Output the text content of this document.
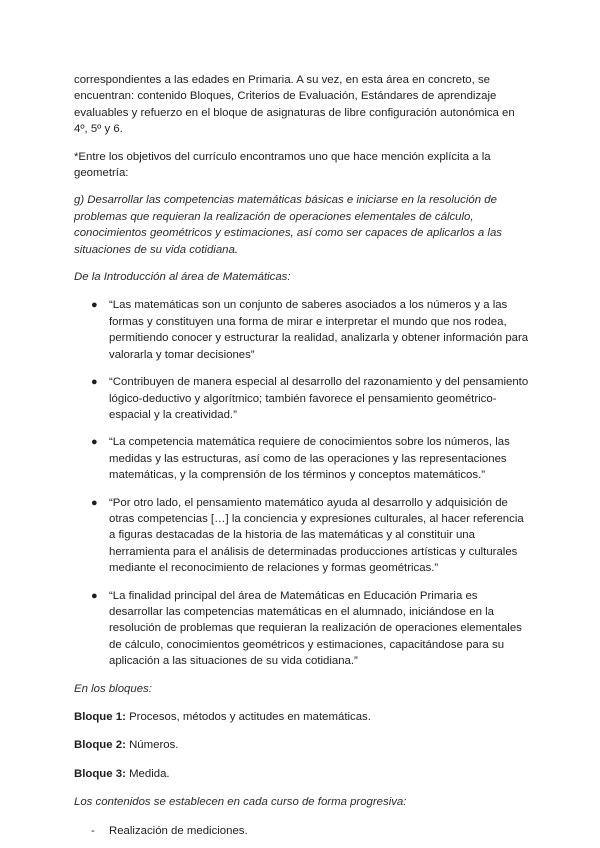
correspondientes a las edades en Primaria. A su vez, en esta área en concreto, se encuentran: contenido Bloques, Criterios de Evaluación, Estándares de aprendizaje evaluables y refuerzo en el bloque de asignaturas de libre configuración autonómica en 4º, 5º y 6.

*Entre los objetivos del currículo encontramos uno que hace mención explícita a la geometría:

g) Desarrollar las competencias matemáticas básicas e iniciarse en la resolución de problemas que requieran la realización de operaciones elementales de cálculo, conocimientos geométricos y estimaciones, así como ser capaces de aplicarlos a las situaciones de su vida cotidiana.

De la Introducción al área de Matemáticas:

● “Las matemáticas son un conjunto de saberes asociados a los números y a las formas y constituyen una forma de mirar e interpretar el mundo que nos rodea, permitiendo conocer y estructurar la realidad, analizarla y obtener información para valorarla y tomar decisiones”
● “Contribuyen de manera especial al desarrollo del razonamiento y del pensamiento lógico-deductivo y algorítmico; también favorece el pensamiento geométrico-espacial y la creatividad.”
● “La competencia matemática requiere de conocimientos sobre los números, las medidas y las estructuras, así como de las operaciones y las representaciones matemáticas, y la comprensión de los términos y conceptos matemáticos.”
● “Por otro lado, el pensamiento matemático ayuda al desarrollo y adquisición de otras competencias […] la conciencia y expresiones culturales, al hacer referencia a figuras destacadas de la historia de las matemáticas y al constituir una herramienta para el análisis de determinadas producciones artísticas y culturales mediante el reconocimiento de relaciones y formas geométricas.”
● “La finalidad principal del área de Matemáticas en Educación Primaria es desarrollar las competencias matemáticas en el alumnado, iniciándose en la resolución de problemas que requieran la realización de operaciones elementales de cálculo, conocimientos geométricos y estimaciones, capacitándose para su aplicación a las situaciones de su vida cotidiana.”

En los bloques:

Bloque 1: Procesos, métodos y actitudes en matemáticas.

Bloque 2: Números.

Bloque 3: Medida.

Los contenidos se establecen en cada curso de forma progresiva:

- Realización de mediciones.
